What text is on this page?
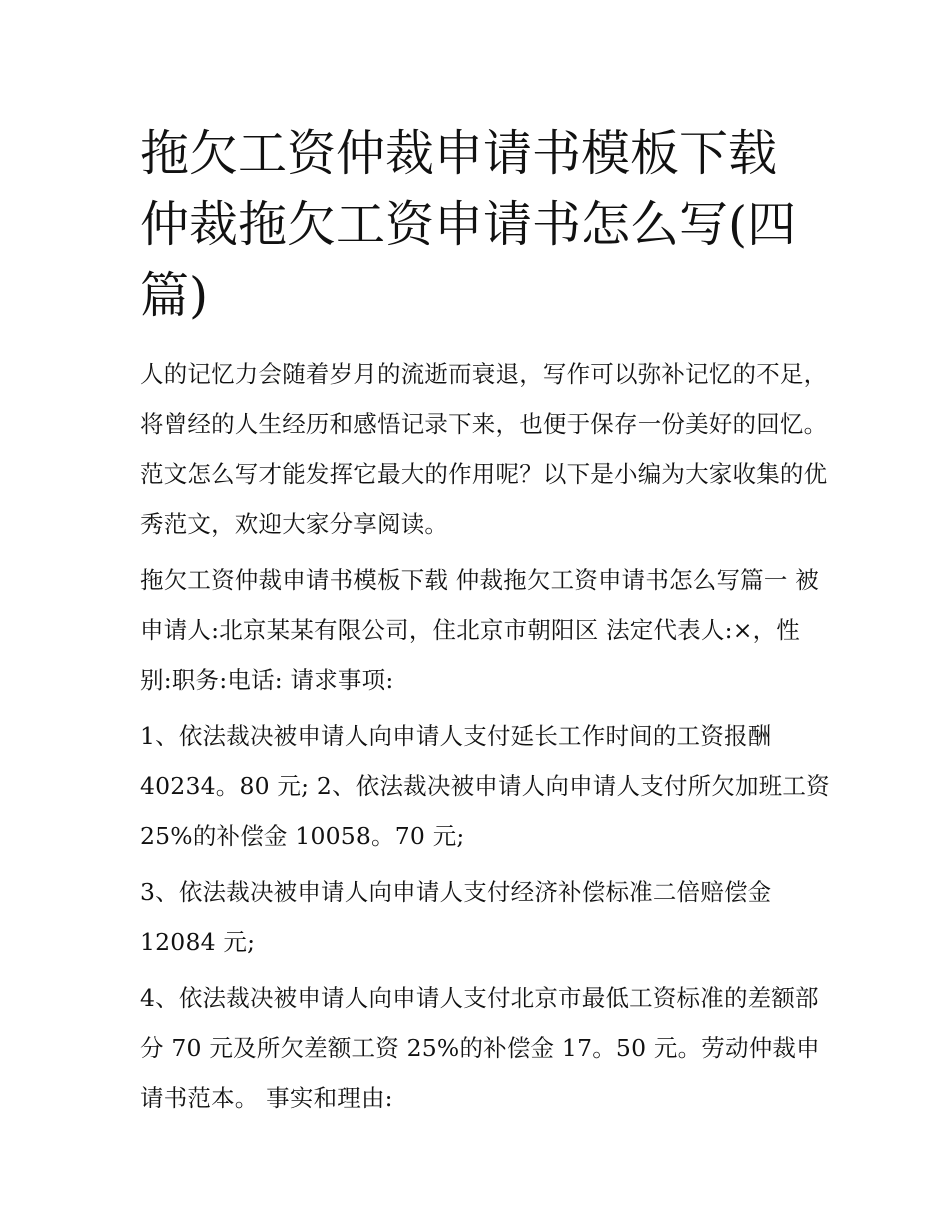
拖欠工资仲裁申请书模板下载 仲裁拖欠工资申请书怎么写(四篇)

人的记忆力会随着岁月的流逝而衰退，写作可以弥补记忆的不足，将曾经的人生经历和感悟记录下来，也便于保存一份美好的回忆。范文怎么写才能发挥它最大的作用呢？以下是小编为大家收集的优秀范文，欢迎大家分享阅读。

拖欠工资仲裁申请书模板下载 仲裁拖欠工资申请书怎么写篇一 被申请人:北京某某有限公司，住北京市朝阳区 法定代表人:×，性别:职务:电话: 请求事项:

1、依法裁决被申请人向申请人支付延长工作时间的工资报酬40234。80 元; 2、依法裁决被申请人向申请人支付所欠加班工资 25%的补偿金 10058。70 元;

3、依法裁决被申请人向申请人支付经济补偿标准二倍赔偿金12084 元;

4、依法裁决被申请人向申请人支付北京市最低工资标准的差额部分 70 元及所欠差额工资 25%的补偿金 17。50 元。劳动仲裁申请书范本。 事实和理由:
